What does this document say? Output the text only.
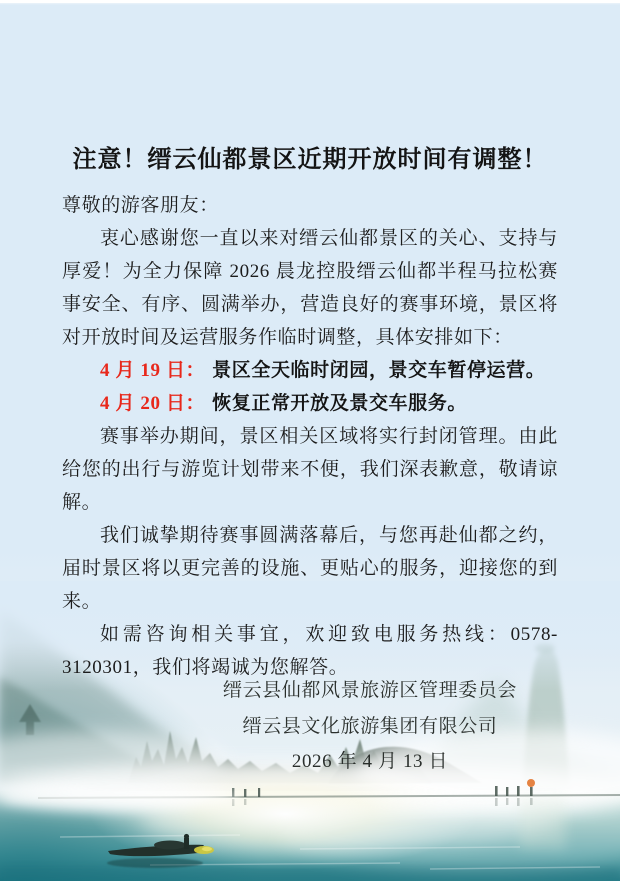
注意！缙云仙都景区近期开放时间有调整！

尊敬的游客朋友：

衷心感谢您一直以来对缙云仙都景区的关心、支持与厚爱！为全力保障 2026 晨龙控股缙云仙都半程马拉松赛事安全、有序、圆满举办，营造良好的赛事环境，景区将对开放时间及运营服务作临时调整，具体安排如下：

4 月 19 日： 景区全天临时闭园，景交车暂停运营。

4 月 20 日： 恢复正常开放及景交车服务。

赛事举办期间，景区相关区域将实行封闭管理。由此给您的出行与游览计划带来不便，我们深表歉意，敬请谅解。

我们诚挚期待赛事圆满落幕后，与您再赴仙都之约，届时景区将以更完善的设施、更贴心的服务，迎接您的到来。

如需咨询相关事宜，欢迎致电服务热线：0578-3120301，我们将竭诚为您解答。

缙云县仙都风景旅游区管理委员会

缙云县文化旅游集团有限公司

2026 年 4 月 13 日
